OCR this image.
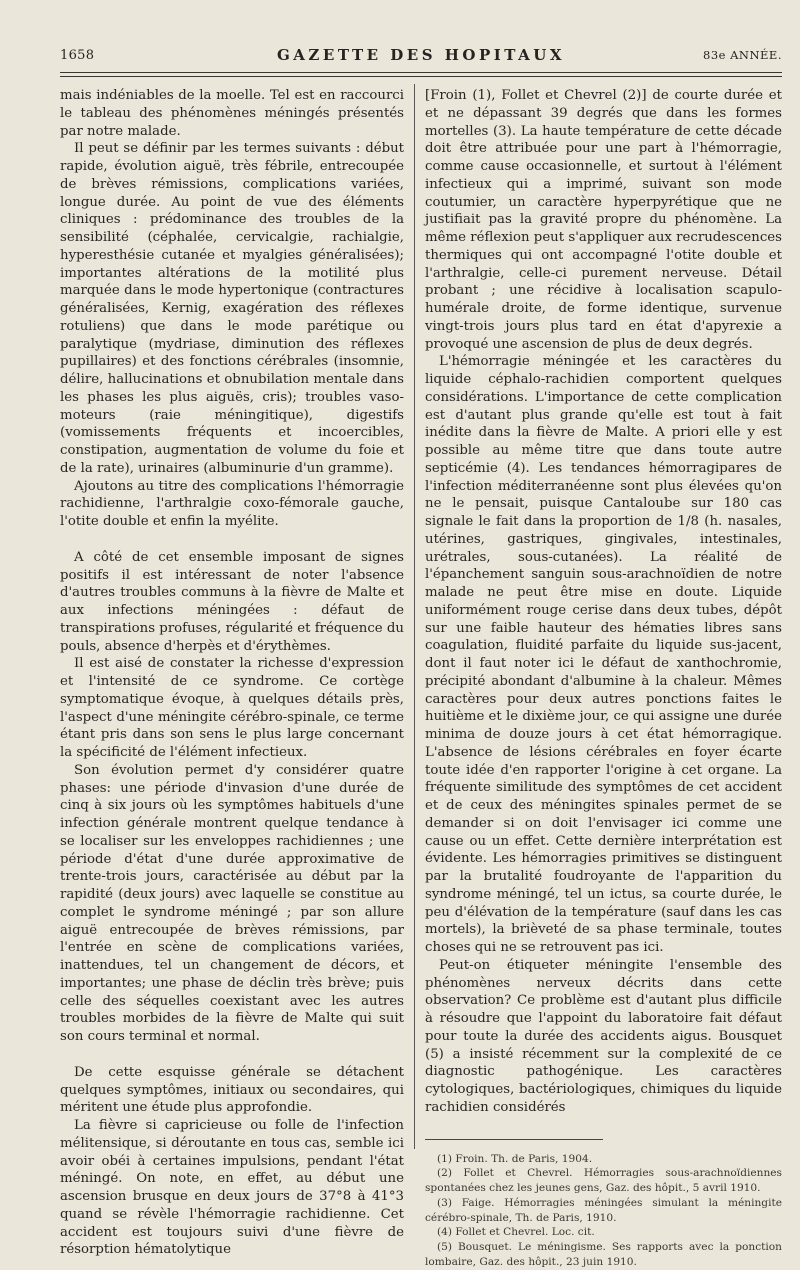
1658	GAZETTE DES HOPITAUX	83e ANNÉE.

mais indéniables de la moelle. Tel est en raccourci le tableau des phénomènes méningés présentés par notre malade.

Il peut se définir par les termes suivants : début rapide, évolution aiguë, très fébrile, entrecoupée de brèves rémissions, complications variées, longue durée. Au point de vue des éléments cliniques : prédominance des troubles de la sensibilité (céphalée, cervicalgie, rachialgie, hyperesthésie cutanée et myalgies généralisées); importantes altérations de la motilité plus marquée dans le mode hypertonique (contractures généralisées, Kernig, exagération des réflexes rotuliens) que dans le mode parétique ou paralytique (mydriase, diminution des réflexes pupillaires) et des fonctions cérébrales (insomnie, délire, hallucinations et obnubilation mentale dans les phases les plus aiguës, cris); troubles vaso-moteurs (raie méningitique), digestifs (vomissements fréquents et incoercibles, constipation, augmentation de volume du foie et de la rate), urinaires (albuminurie d'un gramme).

Ajoutons au titre des complications l'hémorragie rachidienne, l'arthralgie coxo-fémorale gauche, l'otite double et enfin la myélite.

A côté de cet ensemble imposant de signes positifs il est intéressant de noter l'absence d'autres troubles communs à la fièvre de Malte et aux infections méningées : défaut de transpirations profuses, régularité et fréquence du pouls, absence d'herpès et d'érythèmes.

Il est aisé de constater la richesse d'expression et l'intensité de ce syndrome. Ce cortège symptomatique évoque, à quelques détails près, l'aspect d'une méningite cérébro-spinale, ce terme étant pris dans son sens le plus large concernant la spécificité de l'élément infectieux.

Son évolution permet d'y considérer quatre phases: une période d'invasion d'une durée de cinq à six jours où les symptômes habituels d'une infection générale montrent quelque tendance à se localiser sur les enveloppes rachidiennes ; une période d'état d'une durée approximative de trente-trois jours, caractérisée au début par la rapidité (deux jours) avec laquelle se constitue au complet le syndrome méningé ; par son allure aiguë entrecoupée de brèves rémissions, par l'entrée en scène de complications variées, inattendues, tel un changement de décors, et importantes; une phase de déclin très brève; puis celle des séquelles coexistant avec les autres troubles morbides de la fièvre de Malte qui suit son cours terminal et normal.

De cette esquisse générale se détachent quelques symptômes, initiaux ou secondaires, qui méritent une étude plus approfondie.

La fièvre si capricieuse ou folle de l'infection mélitensique, si déroutante en tous cas, semble ici avoir obéi à certaines impulsions, pendant l'état méningé. On note, en effet, au début une ascension brusque en deux jours de 37°8 à 41°3 quand se révèle l'hémorragie rachidienne. Cet accident est toujours suivi d'une fièvre de résorption hématolytique

[Froin (1), Follet et Chevrel (2)] de courte durée et et ne dépassant 39 degrés que dans les formes mortelles (3). La haute température de cette décade doit être attribuée pour une part à l'hémorragie, comme cause occasionnelle, et surtout à l'élément infectieux qui a imprimé, suivant son mode coutumier, un caractère hyperpyrétique que ne justifiait pas la gravité propre du phénomène. La même réflexion peut s'appliquer aux recrudescences thermiques qui ont accompagné l'otite double et l'arthralgie, celle-ci purement nerveuse. Détail probant ; une récidive à localisation scapulo-humérale droite, de forme identique, survenue vingt-trois jours plus tard en état d'apyrexie a provoqué une ascension de plus de deux degrés.

L'hémorragie méningée et les caractères du liquide céphalo-rachidien comportent quelques considérations. L'importance de cette complication est d'autant plus grande qu'elle est tout à fait inédite dans la fièvre de Malte. A priori elle y est possible au même titre que dans toute autre septicémie (4). Les tendances hémorragipares de l'infection méditerranéenne sont plus élevées qu'on ne le pensait, puisque Cantaloube sur 180 cas signale le fait dans la proportion de 1/8 (h. nasales, utérines, gastriques, gingivales, intestinales, urétrales, sous-cutanées). La réalité de l'épanchement sanguin sous-arachnoïdien de notre malade ne peut être mise en doute. Liquide uniformément rouge cerise dans deux tubes, dépôt sur une faible hauteur des hématies libres sans coagulation, fluidité parfaite du liquide sus-jacent, dont il faut noter ici le défaut de xanthochromie, précipité abondant d'albumine à la chaleur. Mêmes caractères pour deux autres ponctions faites le huitième et le dixième jour, ce qui assigne une durée minima de douze jours à cet état hémorragique. L'absence de lésions cérébrales en foyer écarte toute idée d'en rapporter l'origine à cet organe. La fréquente similitude des symptômes de cet accident et de ceux des méningites spinales permet de se demander si on doit l'envisager ici comme une cause ou un effet. Cette dernière interprétation est évidente. Les hémorragies primitives se distinguent par la brutalité foudroyante de l'apparition du syndrome méningé, tel un ictus, sa courte durée, le peu d'élévation de la température (sauf dans les cas mortels), la brièveté de sa phase terminale, toutes choses qui ne se retrouvent pas ici.

Peut-on étiqueter méningite l'ensemble des phénomènes nerveux décrits dans cette observation? Ce problème est d'autant plus difficile à résoudre que l'appoint du laboratoire fait défaut pour toute la durée des accidents aigus. Bousquet (5) a insisté récemment sur la complexité de ce diagnostic pathogénique. Les caractères cytologiques, bactériologiques, chimiques du liquide rachidien considérés

(1) Froin. Th. de Paris, 1904.

(2) Follet et Chevrel. Hémorragies sous-arachnoïdiennes spontanées chez les jeunes gens, Gaz. des hôpit., 5 avril 1910.

(3) Faige. Hémorragies méningées simulant la méningite cérébro-spinale, Th. de Paris, 1910.

(4) Follet et Chevrel. Loc. cit.

(5) Bousquet. Le méningisme. Ses rapports avec la ponction lombaire, Gaz. des hôpit., 23 juin 1910.
